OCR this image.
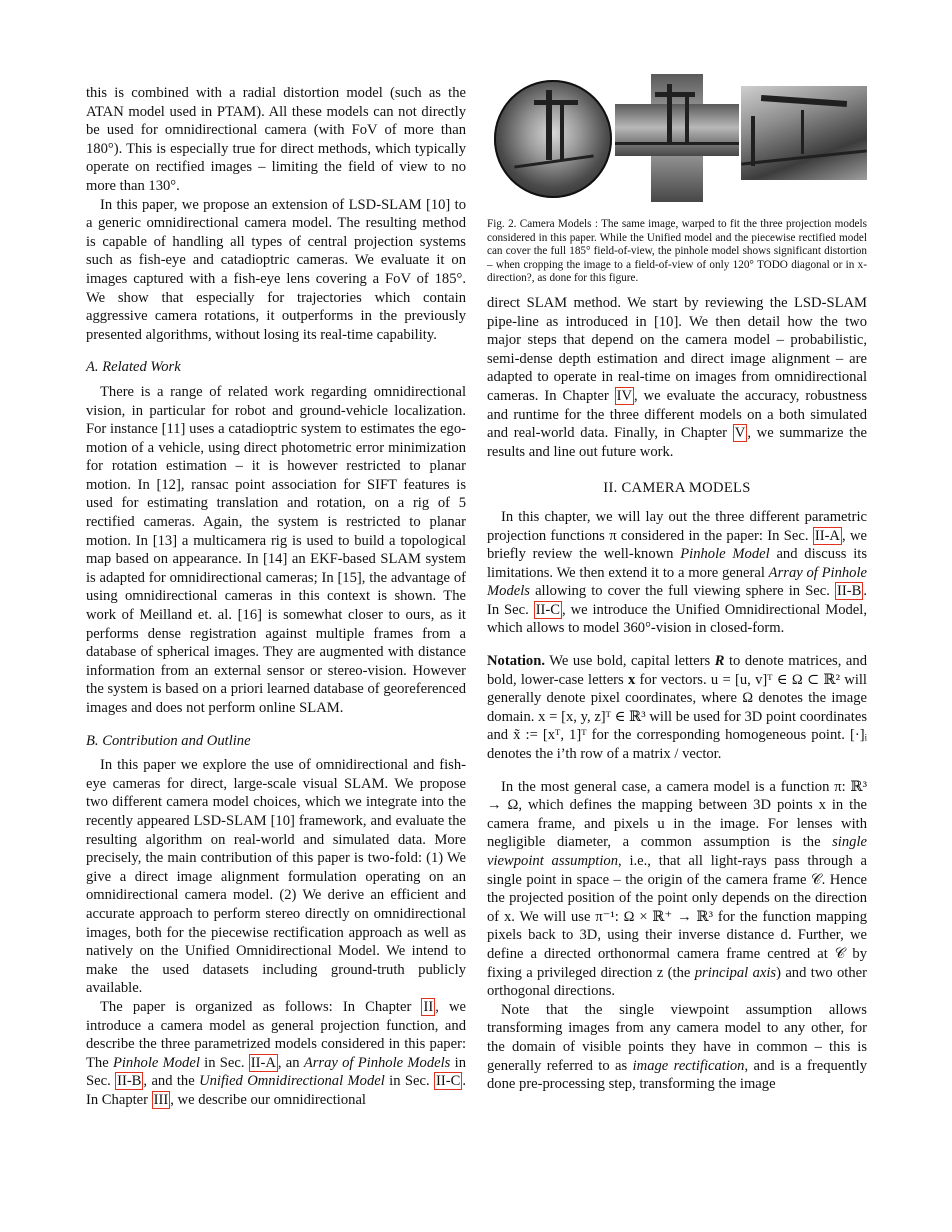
this is combined with a radial distortion model (such as the ATAN model used in PTAM). All these models can not directly be used for omnidirectional camera (with FoV of more than 180°). This is especially true for direct methods, which typically operate on rectified images – limiting the field of view to no more than 130°.

In this paper, we propose an extension of LSD-SLAM [10] to a generic omnidirectional camera model. The resulting method is capable of handling all types of central projection systems such as fish-eye and catadioptric cameras. We evaluate it on images captured with a fish-eye lens covering a FoV of 185°. We show that especially for trajectories which contain aggressive camera rotations, it outperforms in the previously presented algorithms, without losing its real-time capability.

A. Related Work

There is a range of related work regarding omnidirectional vision, in particular for robot and ground-vehicle localization. For instance [11] uses a catadioptric system to estimates the ego-motion of a vehicle, using direct photometric error minimization for rotation estimation – it is however restricted to planar motion. In [12], ransac point association for SIFT features is used for estimating translation and rotation, on a rig of 5 rectified cameras. Again, the system is restricted to planar motion. In [13] a multicamera rig is used to build a topological map based on appearance. In [14] an EKF-based SLAM system is adapted for omnidirectional cameras; In [15], the advantage of using omnidirectional cameras in this context is shown. The work of Meilland et. al. [16] is somewhat closer to ours, as it performs dense registration against multiple frames from a database of spherical images. They are augmented with distance information from an external sensor or stereo-vision. However the system is based on a priori learned database of georeferenced images and does not perform online SLAM.

B. Contribution and Outline

In this paper we explore the use of omnidirectional and fish-eye cameras for direct, large-scale visual SLAM. We propose two different camera model choices, which we integrate into the recently appeared LSD-SLAM [10] framework, and evaluate the resulting algorithm on real-world and simulated data. More precisely, the main contribution of this paper is two-fold: (1) We give a direct image alignment formulation operating on an omnidirectional camera model. (2) We derive an efficient and accurate approach to perform stereo directly on omnidirectional images, both for the piecewise rectification approach as well as natively on the Unified Omnidirectional Model. We intend to make the used datasets including ground-truth publicly available.

The paper is organized as follows: In Chapter II , we introduce a camera model as general projection function, and describe the three parametrized models considered in this paper: The Pinhole Model in Sec. II-A , an Array of Pinhole Models in Sec. II-B , and the Unified Omnidirectional Model in Sec. II-C . In Chapter III , we describe our omnidirectional

Fig. 2. Camera Models : The same image, warped to fit the three projection models considered in this paper. While the Unified model and the piecewise rectified model can cover the full 185° field-of-view, the pinhole model shows significant distortion – when cropping the image to a field-of-view of only 120° TODO diagonal or in x-direction?, as done for this figure.

direct SLAM method. We start by reviewing the LSD-SLAM pipe-line as introduced in [10]. We then detail how the two major steps that depend on the camera model – probabilistic, semi-dense depth estimation and direct image alignment – are adapted to operate in real-time on images from omnidirectional cameras. In Chapter IV , we evaluate the accuracy, robustness and runtime for the three different models on a both simulated and real-world data. Finally, in Chapter V , we summarize the results and line out future work.

II. CAMERA MODELS

In this chapter, we will lay out the three different parametric projection functions π considered in the paper: In Sec. II-A , we briefly review the well-known Pinhole Model and discuss its limitations. We then extend it to a more general Array of Pinhole Models allowing to cover the full viewing sphere in Sec. II-B . In Sec. II-C , we introduce the Unified Omnidirectional Model, which allows to model 360°-vision in closed-form.

Notation. We use bold, capital letters R to denote matrices, and bold, lower-case letters x for vectors. u = [u, v]ᵀ ∈ Ω ⊂ ℝ² will generally denote pixel coordinates, where Ω denotes the image domain. x = [x, y, z]ᵀ ∈ ℝ³ will be used for 3D point coordinates and x̃ := [xᵀ, 1]ᵀ for the corresponding homogeneous point. [·]ᵢ denotes the i’th row of a matrix / vector.

In the most general case, a camera model is a function π: ℝ³ → Ω, which defines the mapping between 3D points x in the camera frame, and pixels u in the image. For lenses with negligible diameter, a common assumption is the single viewpoint assumption, i.e., that all light-rays pass through a single point in space – the origin of the camera frame 𝒞. Hence the projected position of the point only depends on the direction of x. We will use π⁻¹: Ω × ℝ⁺ → ℝ³ for the function mapping pixels back to 3D, using their inverse distance d. Further, we define a directed orthonormal camera frame centred at 𝒞 by fixing a privileged direction z (the principal axis) and two other orthogonal directions.

Note that the single viewpoint assumption allows transforming images from any camera model to any other, for the domain of visible points they have in common – this is generally referred to as image rectification, and is a frequently done pre-processing step, transforming the image
